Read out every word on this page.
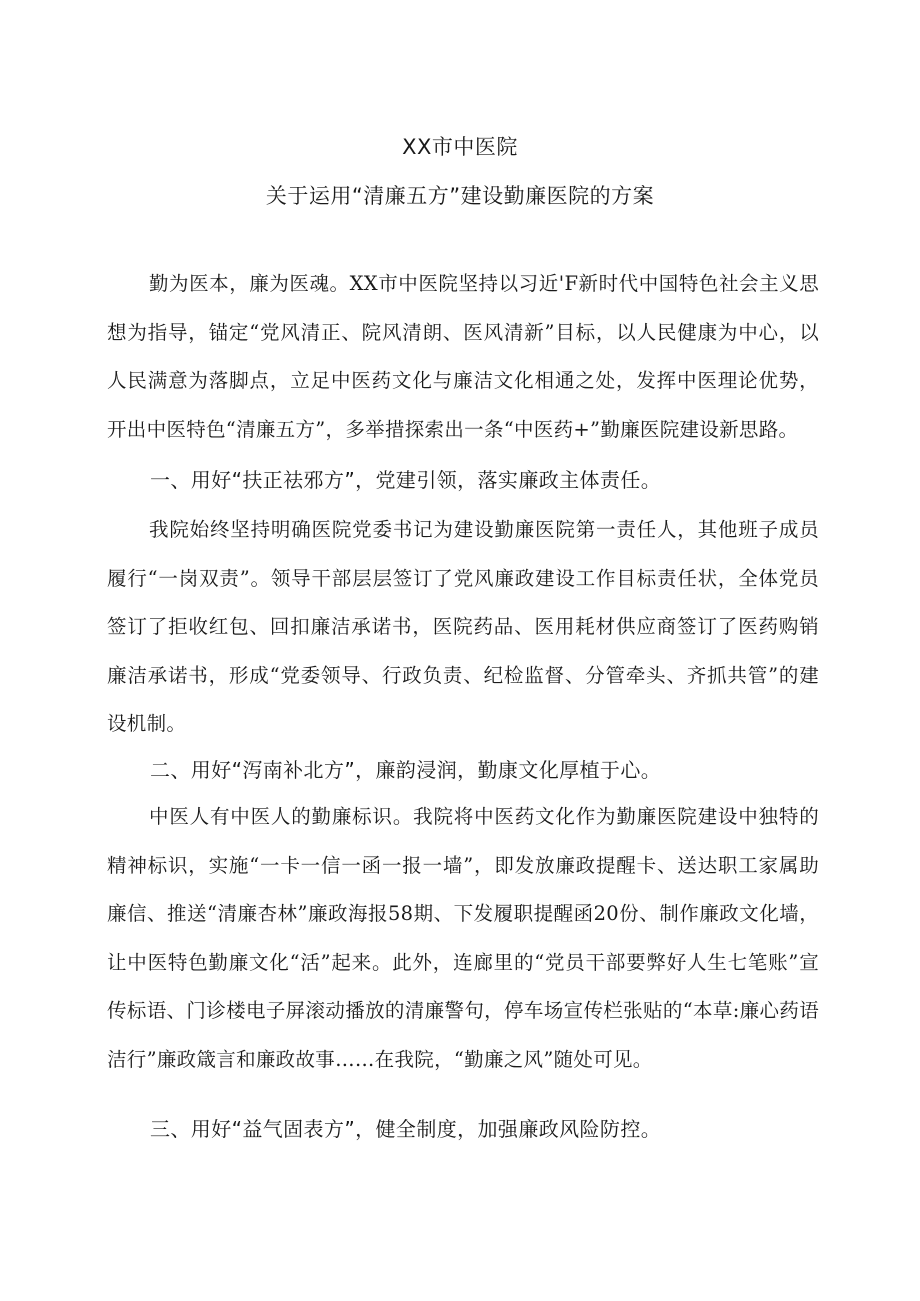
XX市中医院
关于运用“清廉五方”建设勤廉医院的方案

勤为医本，廉为医魂。XX市中医院坚持以习近'F新时代中国特色社会主义思想为指导，锚定“党风清正、院风清朗、医风清新”目标，以人民健康为中心，以人民满意为落脚点，立足中医药文化与廉洁文化相通之处，发挥中医理论优势，开出中医特色“清廉五方”，多举措探索出一条“中医药+”勤廉医院建设新思路。

一、用好“扶正祛邪方”，党建引领，落实廉政主体责任。

我院始终坚持明确医院党委书记为建设勤廉医院第一责任人，其他班子成员履行“一岗双责”。领导干部层层签订了党风廉政建设工作目标责任状，全体党员签订了拒收红包、回扣廉洁承诺书，医院药品、医用耗材供应商签订了医药购销廉洁承诺书，形成“党委领导、行政负责、纪检监督、分管牵头、齐抓共管”的建设机制。

二、用好“泻南补北方”，廉韵浸润，勤康文化厚植于心。

中医人有中医人的勤廉标识。我院将中医药文化作为勤廉医院建设中独特的精神标识，实施“一卡一信一函一报一墙”，即发放廉政提醒卡、送达职工家属助廉信、推送“清廉杏林”廉政海报58期、下发履职提醒函20份、制作廉政文化墙，让中医特色勤廉文化“活”起来。此外，连廊里的“党员干部要弊好人生七笔账”宣传标语、门诊楼电子屏滚动播放的清廉警句，停车场宣传栏张贴的“本草:廉心药语洁行”廉政箴言和廉政故事……在我院，“勤廉之风”随处可见。

三、用好“益气固表方”，健全制度，加强廉政风险防控。
